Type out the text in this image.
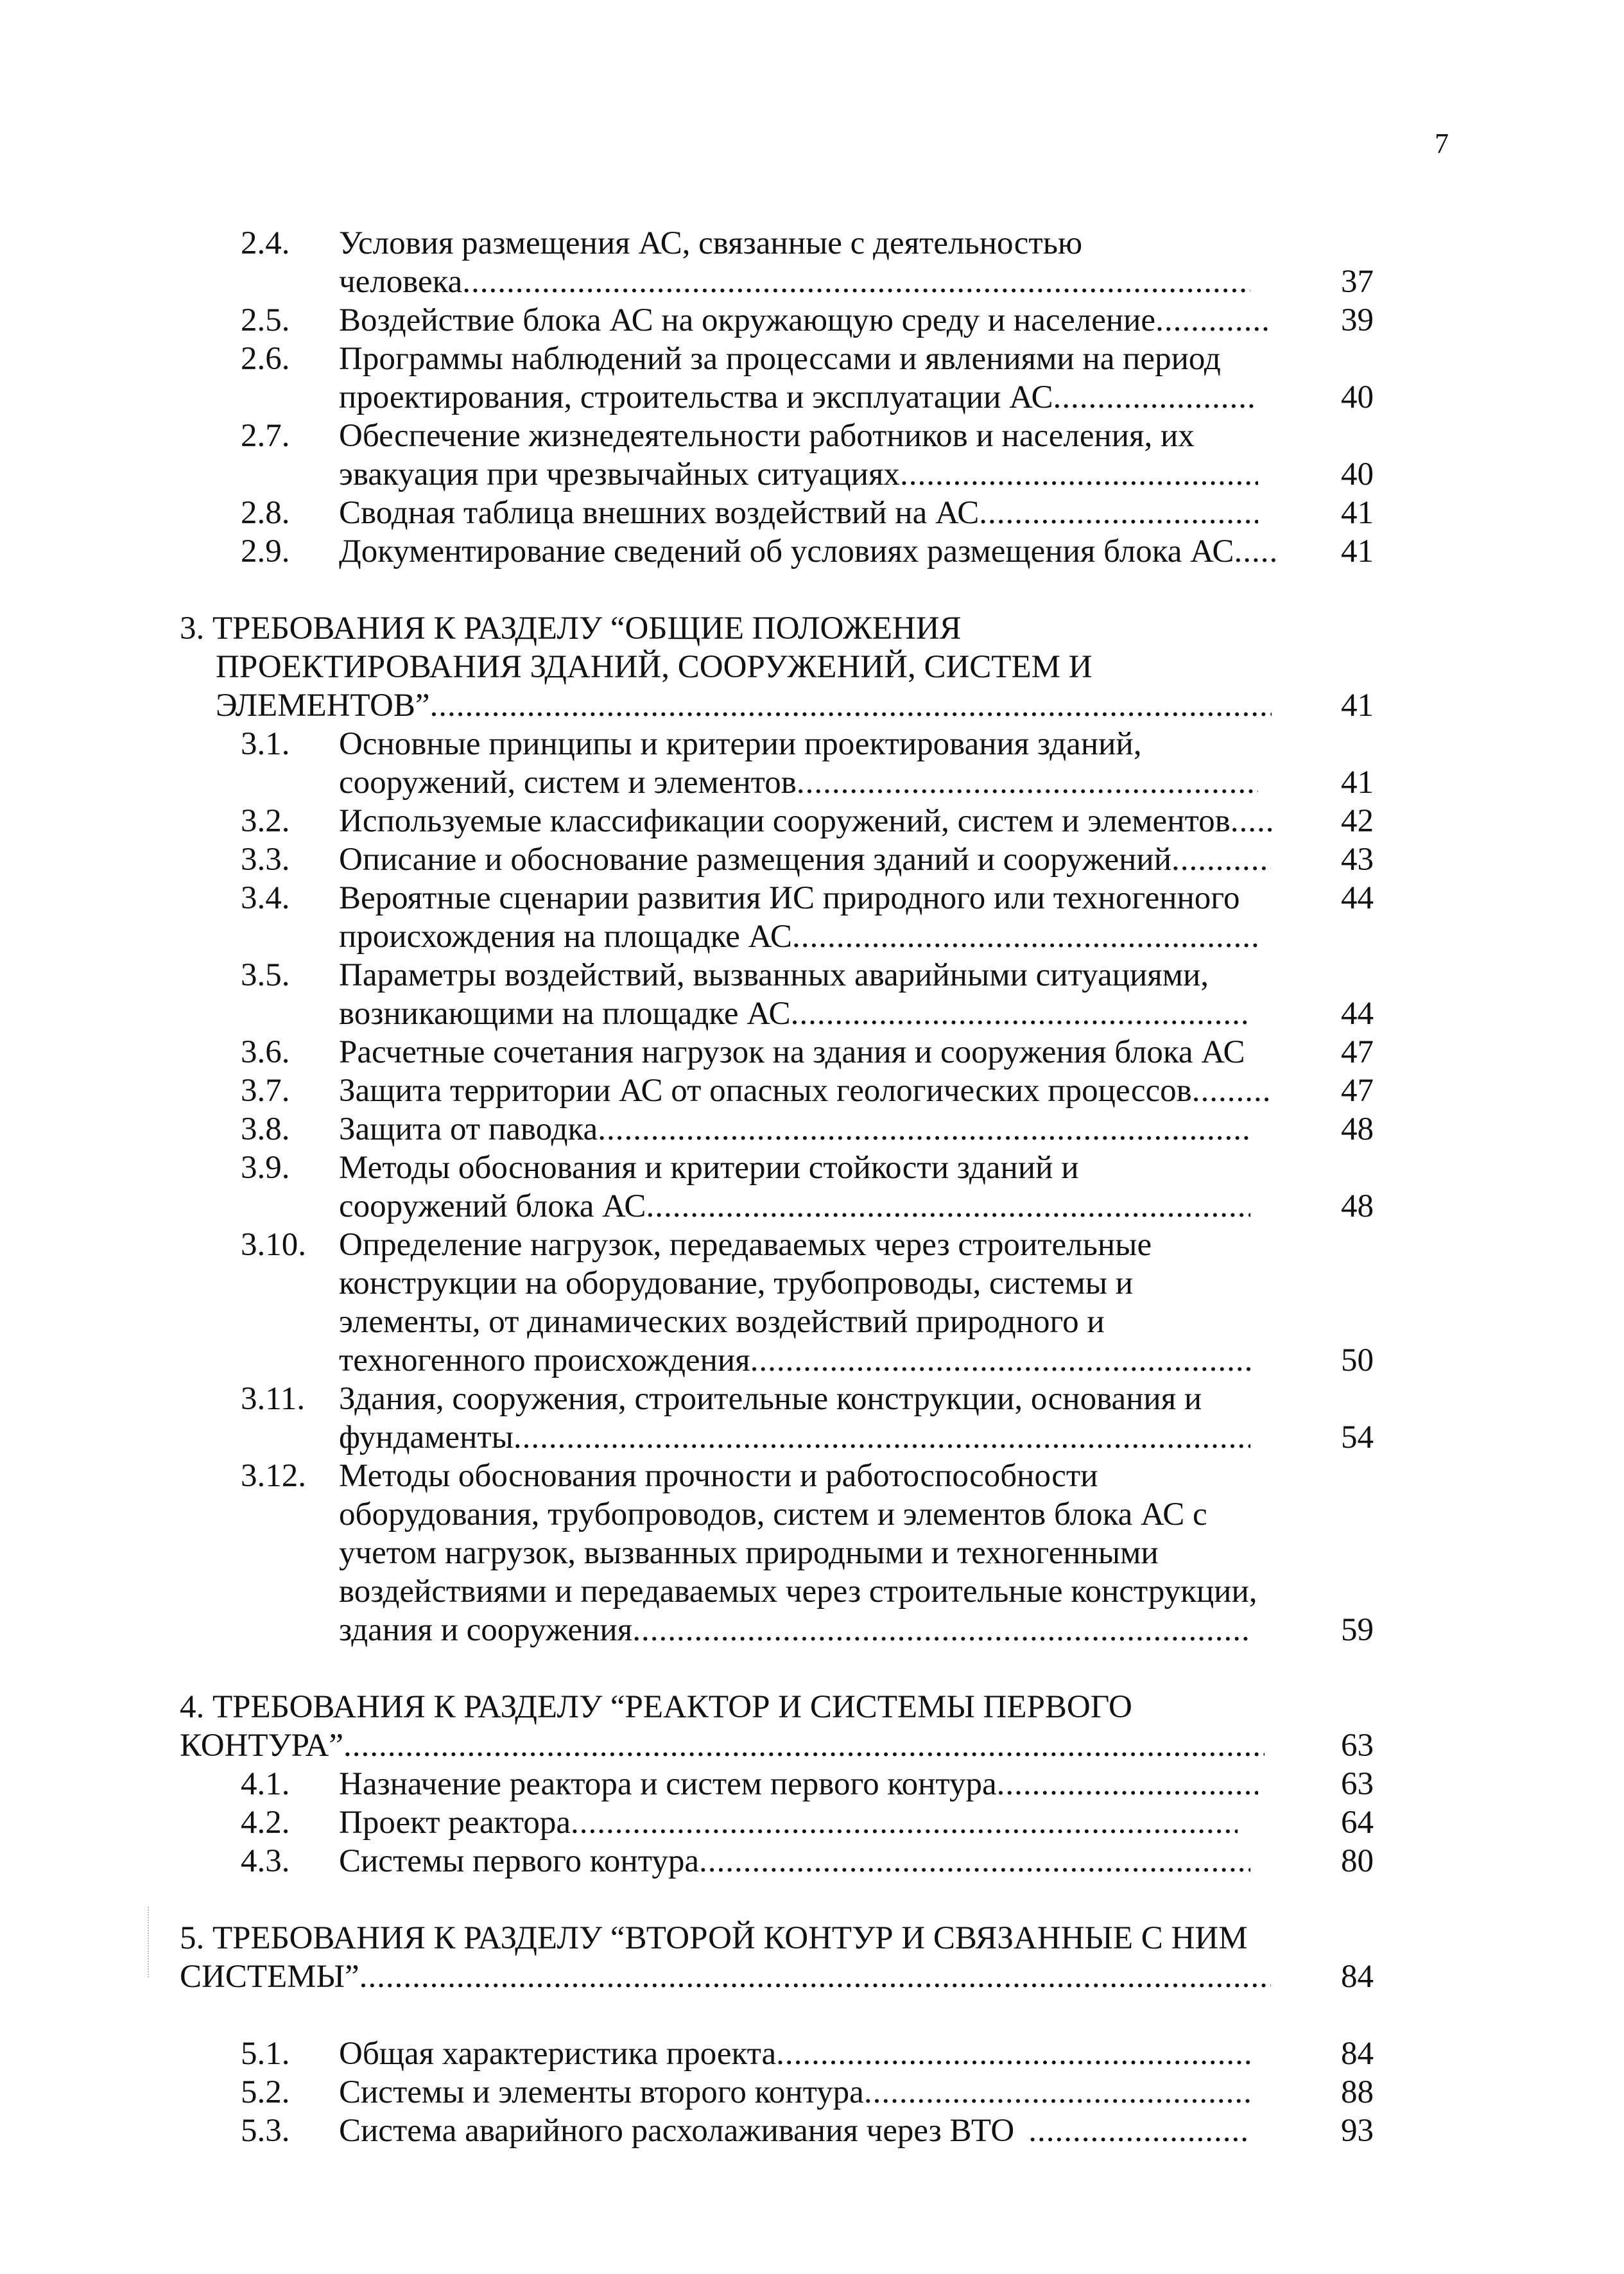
7
2.4. Условия размещения АС, связанные с деятельностью
человека .....	37
2.5. Воздействие блока АС на окружающую среду и население .....	39
2.6. Программы наблюдений за процессами и явлениями на период
проектирования, строительства и эксплуатации АС .....	40
2.7. Обеспечение жизнедеятельности работников и населения, их
эвакуация при чрезвычайных ситуациях .....	40
2.8. Сводная таблица внешних воздействий на АС .....	41
2.9. Документирование сведений об условиях размещения блока АС .....	41
3. ТРЕБОВАНИЯ К РАЗДЕЛУ “ОБЩИЕ ПОЛОЖЕНИЯ
ПРОЕКТИРОВАНИЯ ЗДАНИЙ, СООРУЖЕНИЙ, СИСТЕМ И
ЭЛЕМЕНТОВ” .....	41
3.1. Основные принципы и критерии проектирования зданий,
сооружений, систем и элементов .....	41
3.2. Используемые классификации сооружений, систем и элементов .....	42
3.3. Описание и обоснование размещения зданий и сооружений .....	43
3.4. Вероятные сценарии развития ИС природного или техногенного	44
происхождения на площадке АС
.....
3.5. Параметры воздействий, вызванных аварийными ситуациями,
возникающими на площадке АС .....	44
3.6. Расчетные сочетания нагрузок на здания и сооружения блока АС	47
3.7. Защита территории АС от опасных геологических процессов .....	47
3.8. Защита от паводка .....	48
3.9. Методы обоснования и критерии стойкости зданий и
сооружений блока АС .....	48
3.10. Определение нагрузок, передаваемых через строительные
конструкции на оборудование, трубопроводы, системы и
элементы, от динамических воздействий природного и
техногенного происхождения .....	50
3.11. Здания, сооружения, строительные конструкции, основания и
фундаменты .....	54
3.12. Методы обоснования прочности и работоспособности
оборудования, трубопроводов, систем и элементов блока АС с
учетом нагрузок, вызванных природными и техногенными
воздействиями и передаваемых через строительные конструкции,
здания и сооружения .....	59
4. ТРЕБОВАНИЯ К РАЗДЕЛУ “РЕАКТОР И СИСТЕМЫ ПЕРВОГО
КОНТУРА” .....	63
4.1. Назначение реактора и систем первого контура .....	63
4.2. Проект реактора .....	64
4.3. Системы первого контура .....	80
5. ТРЕБОВАНИЯ К РАЗДЕЛУ “ВТОРОЙ КОНТУР И СВЯЗАННЫЕ С НИМ
СИСТЕМЫ” .....	84
5.1. Общая характеристика проекта .....	84
5.2. Системы и элементы второго контура .....	88
5.3. Система аварийного расхолаживания через ВТО .....	93
